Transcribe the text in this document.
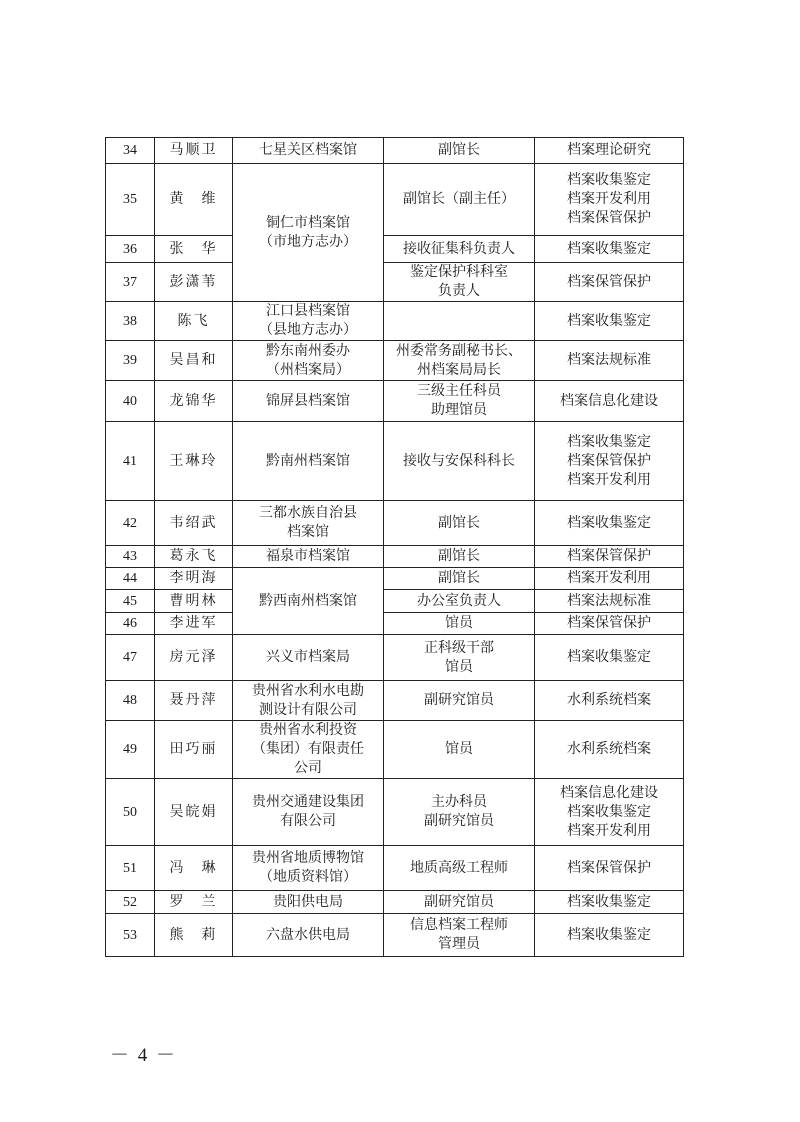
34	马顺卫	七星关区档案馆	副馆长	档案理论研究

35	黄　维	铜仁市档案馆
（市地方志办）	副馆长（副主任）	档案收集鉴定
档案开发利用
档案保管保护

36	张　华		接收征集科负责人	档案收集鉴定

37	彭潇苇		鉴定保护科科室
负责人	档案保管保护

38	陈飞	江口县档案馆
（县地方志办）		档案收集鉴定

39	吴昌和	黔东南州委办
（州档案局）	州委常务副秘书长、
州档案局局长	档案法规标准

40	龙锦华	锦屏县档案馆	三级主任科员
助理馆员	档案信息化建设

41	王琳玲	黔南州档案馆	接收与安保科科长	档案收集鉴定
档案保管保护
档案开发利用

42	韦绍武	三都水族自治县
档案馆	副馆长	档案收集鉴定

43	葛永飞	福泉市档案馆	副馆长	档案保管保护

44	李明海	黔西南州档案馆	副馆长	档案开发利用

45	曹明林		办公室负责人	档案法规标准

46	李进军		馆员	档案保管保护

47	房元泽	兴义市档案局	正科级干部
馆员	档案收集鉴定

48	聂丹萍	贵州省水利水电勘
测设计有限公司	副研究馆员	水利系统档案

49	田巧丽	贵州省水利投资
（集团）有限责任
公司	馆员	水利系统档案

50	吴皖娟	贵州交通建设集团
有限公司	主办科员
副研究馆员	档案信息化建设
档案收集鉴定
档案开发利用

51	冯　琳	贵州省地质博物馆
（地质资料馆）	地质高级工程师	档案保管保护

52	罗　兰	贵阳供电局	副研究馆员	档案收集鉴定

53	熊　莉	六盘水供电局	信息档案工程师
管理员	档案收集鉴定
－ 4 －
